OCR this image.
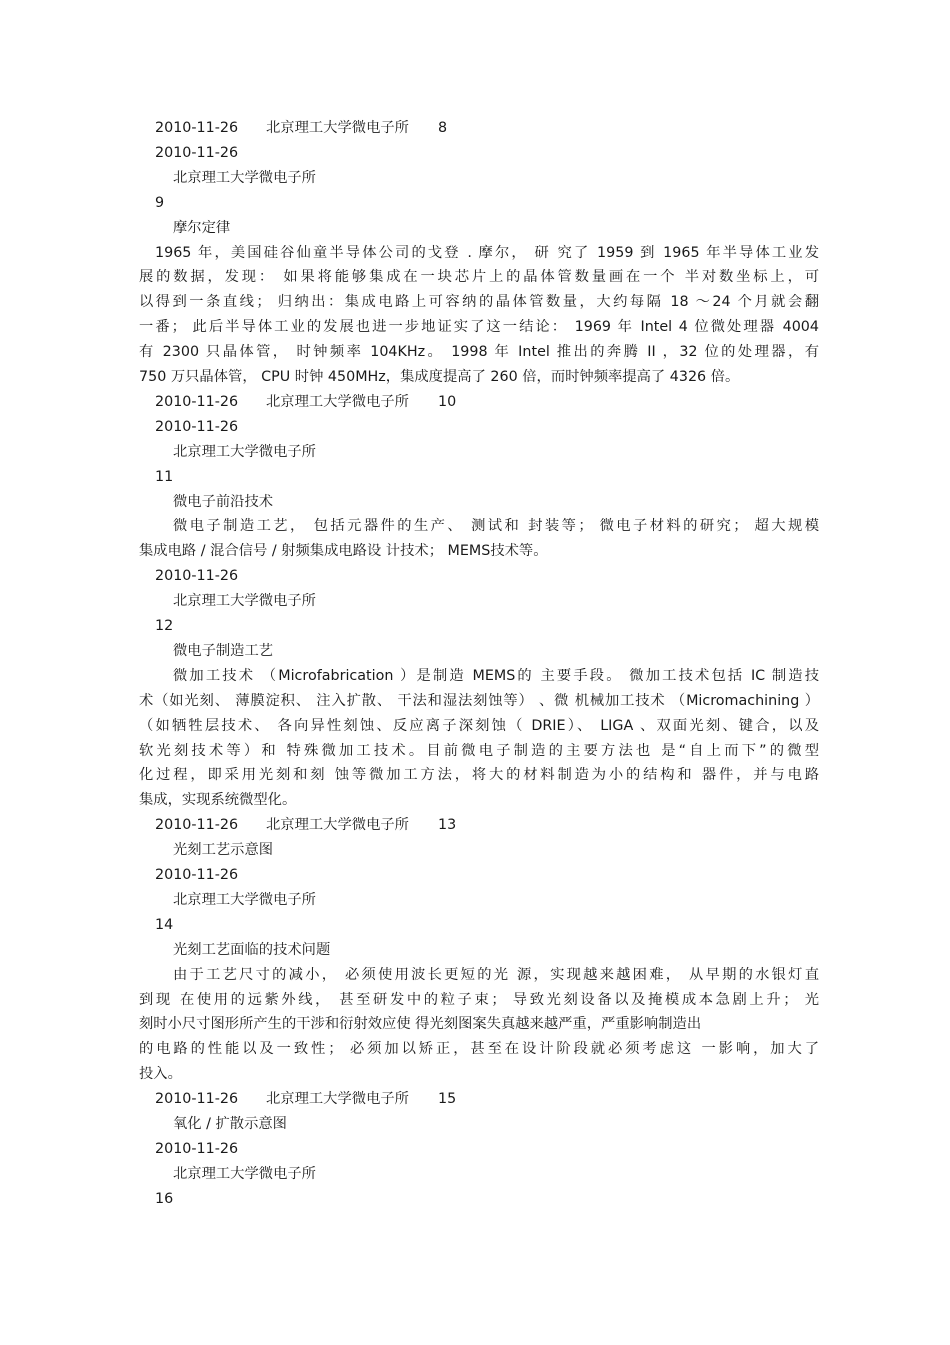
2010-11-26 北京理工大学微电子所 8
2010-11-26
北京理工大学微电子所
9
摩尔定律
1965 年，美国硅谷仙童半导体公司的戈登 . 摩尔， 研 究了 1959 到 1965 年半导体工业发
展的数据，发现： 如果将能够集成在一块芯片上的晶体管数量画在一个 半对数坐标上，可
以得到一条直线； 归纳出：集成电路上可容纳的晶体管数量，大约每隔 18 ～24 个月就会翻
一番； 此后半导体工业的发展也进一步地证实了这一结论： 1969 年 Intel 4 位微处理器 4004
有 2300 只晶体管， 时钟频率 104KHz。 1998 年 Intel 推出的奔腾 II ，32 位的处理器，有
750 万只晶体管， CPU 时钟 450MHz，集成度提高了 260 倍，而时钟频率提高了 4326 倍。
2010-11-26 北京理工大学微电子所 10
2010-11-26
北京理工大学微电子所
11
微电子前沿技术
微电子制造工艺， 包括元器件的生产、 测试和 封装等； 微电子材料的研究； 超大规模
集成电路 / 混合信号 / 射频集成电路设 计技术； MEMS技术等。
2010-11-26
北京理工大学微电子所
12
微电子制造工艺
微加工技术 （Microfabrication ）是制造 MEMS的 主要手段。 微加工技术包括 IC 制造技
术（如光刻、 薄膜淀积、 注入扩散、 干法和湿法刻蚀等） 、微 机械加工技术 （Micromachining ）
（如牺牲层技术、 各向异性刻蚀、反应离子深刻蚀（ DRIE）、 LIGA 、双面光刻、键合，以及
软光刻技术等）和 特殊微加工技术。目前微电子制造的主要方法也 是“自上而下”的微型
化过程，即采用光刻和刻 蚀等微加工方法，将大的材料制造为小的结构和 器件，并与电路
集成，实现系统微型化。
2010-11-26 北京理工大学微电子所 13
光刻工艺示意图
2010-11-26
北京理工大学微电子所
14
光刻工艺面临的技术问题
由于工艺尺寸的减小， 必须使用波长更短的光 源，实现越来越困难， 从早期的水银灯直
到现 在使用的远紫外线， 甚至研发中的粒子束； 导致光刻设备以及掩模成本急剧上升； 光
刻时小尺寸图形所产生的干涉和衍射效应使 得光刻图案失真越来越严重，严重影响制造出
的电路的性能以及一致性； 必须加以矫正，甚至在设计阶段就必须考虑这 一影响，加大了
投入。
2010-11-26 北京理工大学微电子所 15
氧化 / 扩散示意图
2010-11-26
北京理工大学微电子所
16
